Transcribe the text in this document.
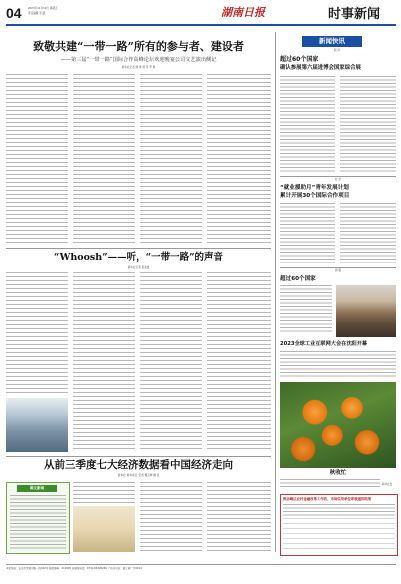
04 2023年11月10日 星期五
责任编辑 李 路	湖南日报	时事新闻
致敬共建“一带一路”所有的参与者、建设者
——第三届“一带一路”国际合作高峰论坛欢迎晚宴公司文艺演出侧记
新华社记者 唐 青 郭 军 罗 琦
新闻快讯
经 济
超过60个国家
确认参展第六届进博会国家综合展
社 会
“就业援助月”青年发展计划
累计开展30个国际合作项目
商 服
超过60个国家
2023全球工业互联网大会在沈阳开幕
“Whoosh”——听，“一带一路”的声音
新华社记者 姜亚波
从前三季度七大经济数据看中国经济走向
新华社“新华视点”记者 魏玉坤 魏 佳
图文新闻
秋收忙
新华社发
致赤峰区农村金融改革工作的，市场信用单位审核通知结果
本报地址：长沙市芙蓉中路一段442号 邮政编码：410005 总编室电话：0731-84326240 广告许可证：湘工商广字001号
